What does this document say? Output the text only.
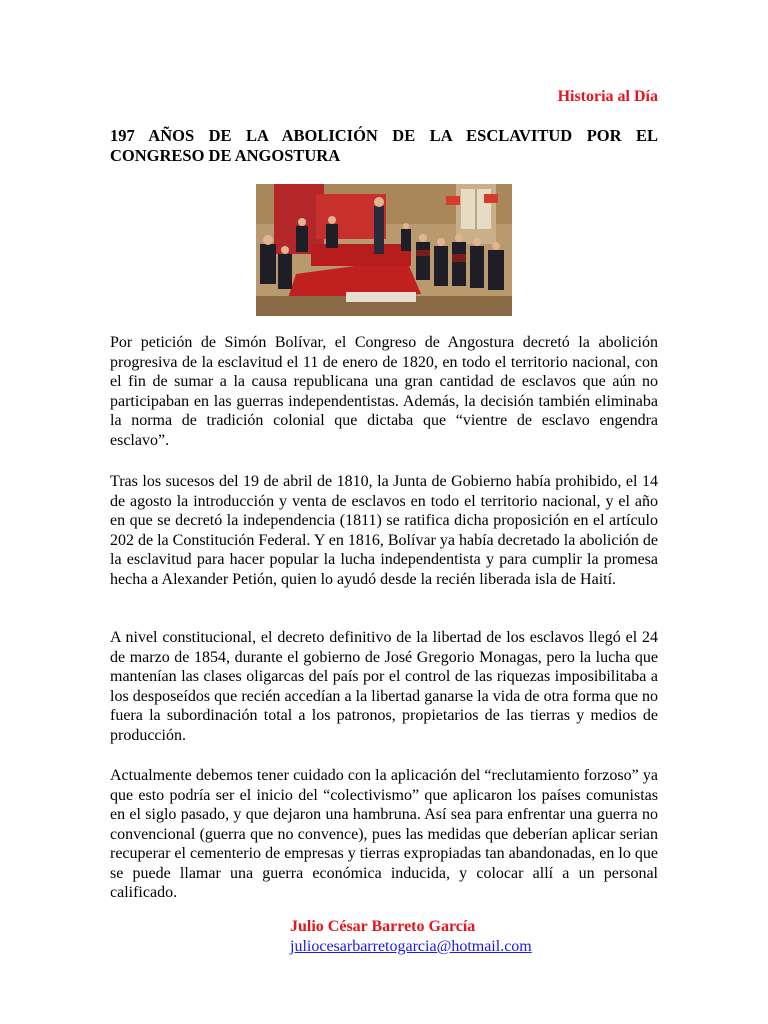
Historia al Día
197 AÑOS DE LA ABOLICIÓN DE LA ESCLAVITUD POR EL CONGRESO DE ANGOSTURA

Por petición de Simón Bolívar, el Congreso de Angostura decretó la abolición progresiva de la esclavitud el 11 de enero de 1820, en todo el territorio nacional, con el fin de sumar a la causa republicana una gran cantidad de esclavos que aún no participaban en las guerras independentistas. Además, la decisión también eliminaba la norma de tradición colonial que dictaba que “vientre de esclavo engendra esclavo”.

Tras los sucesos del 19 de abril de 1810, la Junta de Gobierno había prohibido, el 14 de agosto la introducción y venta de esclavos en todo el territorio nacional, y el año en que se decretó la independencia (1811) se ratifica dicha proposición en el artículo 202 de la Constitución Federal. Y en 1816, Bolívar ya había decretado la abolición de la esclavitud para hacer popular la lucha independentista y para cumplir la promesa hecha a Alexander Petión, quien lo ayudó desde la recién liberada isla de Haití.

A nivel constitucional, el decreto definitivo de la libertad de los esclavos llegó el 24 de marzo de 1854, durante el gobierno de José Gregorio Monagas, pero la lucha que mantenían las clases oligarcas del país por el control de las riquezas imposibilitaba a los desposeídos que recién accedían a la libertad ganarse la vida de otra forma que no fuera la subordinación total a los patronos, propietarios de las tierras y medios de producción.

Actualmente debemos tener cuidado con la aplicación del “reclutamiento forzoso” ya que esto podría ser el inicio del “colectivismo” que aplicaron los países comunistas en el siglo pasado, y que dejaron una hambruna. Así sea para enfrentar una guerra no convencional (guerra que no convence), pues las medidas que deberían aplicar serian recuperar el cementerio de empresas y tierras expropiadas tan abandonadas, en lo que se puede llamar una guerra económica inducida, y colocar allí a un personal calificado.

Julio César Barreto García
juliocesarbarretogarcia@hotmail.com
